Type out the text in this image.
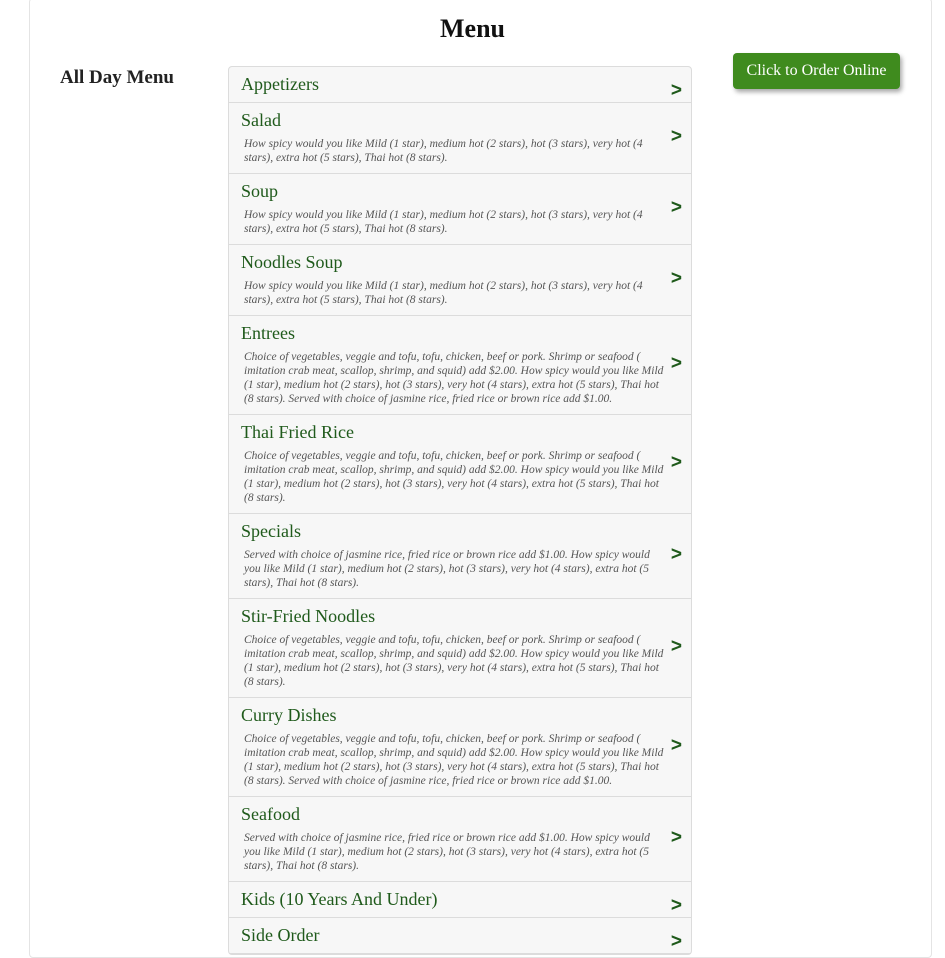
Menu
All Day Menu	Click to Order Online
Appetizers	>
Salad
How spicy would you like Mild (1 star), medium hot (2 stars), hot (3 stars), very hot (4 stars), extra hot (5 stars), Thai hot (8 stars).
>
Soup
How spicy would you like Mild (1 star), medium hot (2 stars), hot (3 stars), very hot (4 stars), extra hot (5 stars), Thai hot (8 stars).
>
Noodles Soup
How spicy would you like Mild (1 star), medium hot (2 stars), hot (3 stars), very hot (4 stars), extra hot (5 stars), Thai hot (8 stars).
>
Entrees
Choice of vegetables, veggie and tofu, tofu, chicken, beef or pork. Shrimp or seafood ( imitation crab meat, scallop, shrimp, and squid) add $2.00. How spicy would you like Mild (1 star), medium hot (2 stars), hot (3 stars), very hot (4 stars), extra hot (5 stars), Thai hot (8 stars). Served with choice of jasmine rice, fried rice or brown rice add $1.00.
>
Thai Fried Rice
Choice of vegetables, veggie and tofu, tofu, chicken, beef or pork. Shrimp or seafood ( imitation crab meat, scallop, shrimp, and squid) add $2.00. How spicy would you like Mild (1 star), medium hot (2 stars), hot (3 stars), very hot (4 stars), extra hot (5 stars), Thai hot (8 stars).
>
Specials
Served with choice of jasmine rice, fried rice or brown rice add $1.00. How spicy would you like Mild (1 star), medium hot (2 stars), hot (3 stars), very hot (4 stars), extra hot (5 stars), Thai hot (8 stars).
>
Stir-Fried Noodles
Choice of vegetables, veggie and tofu, tofu, chicken, beef or pork. Shrimp or seafood ( imitation crab meat, scallop, shrimp, and squid) add $2.00. How spicy would you like Mild (1 star), medium hot (2 stars), hot (3 stars), very hot (4 stars), extra hot (5 stars), Thai hot (8 stars).
>
Curry Dishes
Choice of vegetables, veggie and tofu, tofu, chicken, beef or pork. Shrimp or seafood ( imitation crab meat, scallop, shrimp, and squid) add $2.00. How spicy would you like Mild (1 star), medium hot (2 stars), hot (3 stars), very hot (4 stars), extra hot (5 stars), Thai hot (8 stars). Served with choice of jasmine rice, fried rice or brown rice add $1.00.
>
Seafood
Served with choice of jasmine rice, fried rice or brown rice add $1.00. How spicy would you like Mild (1 star), medium hot (2 stars), hot (3 stars), very hot (4 stars), extra hot (5 stars), Thai hot (8 stars).
>
Kids (10 Years And Under)	>
Side Order	>
